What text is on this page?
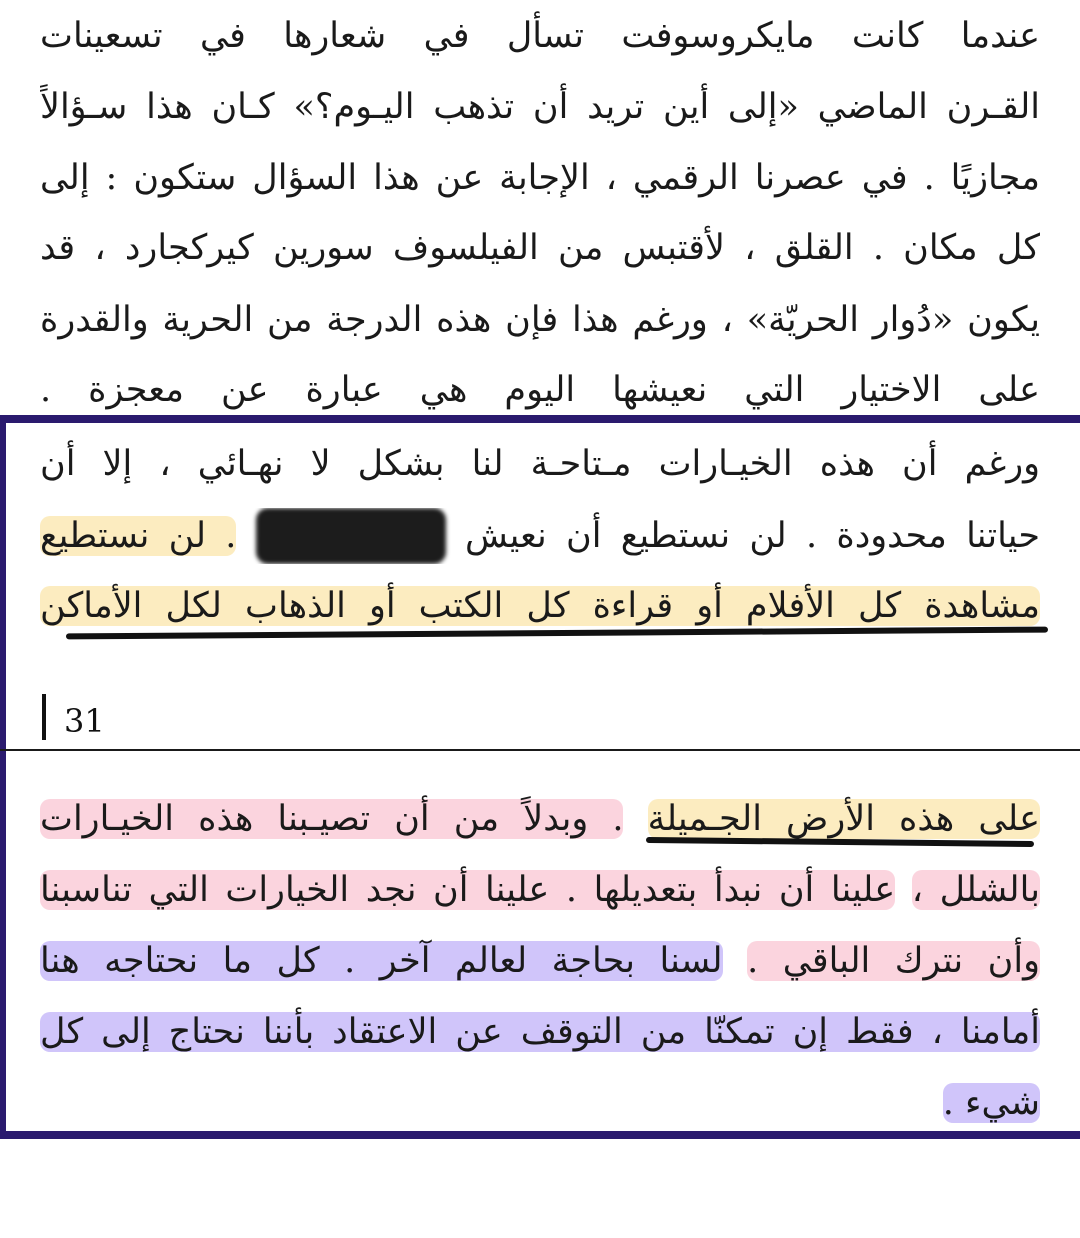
عندما كانت مايكروسوفت تسأل في شعارها في تسعينات
القـرن الماضي «إلى أين تريد أن تذهب اليـوم؟» كـان هذا سـؤالاً
مجازيًا . في عصرنا الرقمي ، الإجابة عن هذا السؤال ستكون : إلى
كل مكان . القلق ، لأقتبس من الفيلسوف سورين كيركجارد ، قد
يكون «دُوار الحريّة» ، ورغم هذا فإن هذه الدرجة من الحرية والقدرة
على الاختيار التي نعيشها اليوم هي عبارة عن معجزة .
ورغم أن هذه الخيـارات مـتاحـة لنا بشكل لا نهـائي ، إلا أن
حياتنا محدودة . لن نستطيع أن نعيش كل الحياوات . لن نستطيع
مشاهدة كل الأفلام أو قراءة كل الكتب أو الذهاب لكل الأماكن
31
على هذه الأرض الجـميلة . وبدلاً من أن تصيـبنا هذه الخيـارات
بالشلل ، علينا أن نبدأ بتعديلها . علينا أن نجد الخيارات التي تناسبنا
وأن نترك الباقي . لسنا بحاجة لعالم آخر . كل ما نحتاجه هنا
أمامنا ، فقط إن تمكنّا من التوقف عن الاعتقاد بأننا نحتاج إلى كل
شيء .
